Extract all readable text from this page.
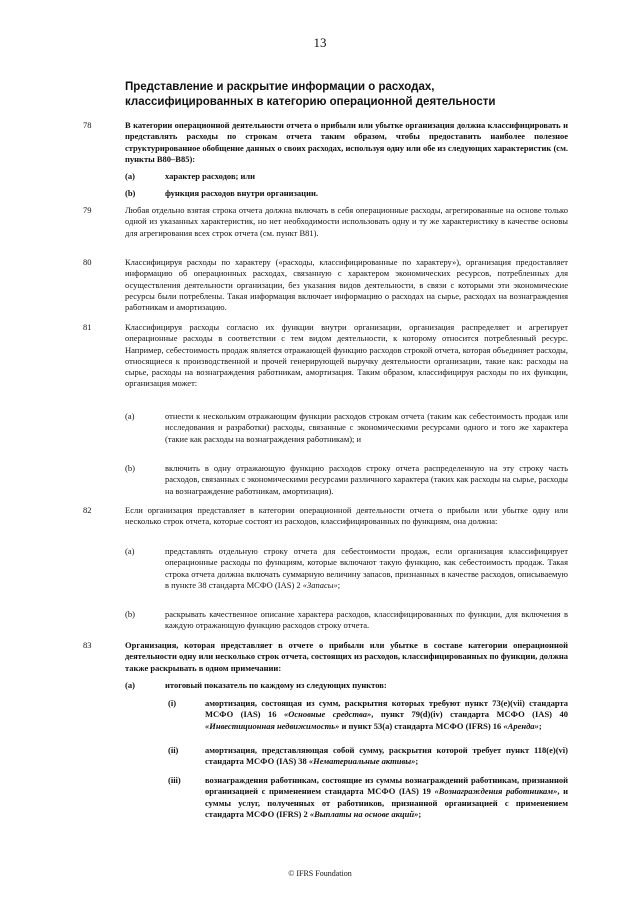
13
Представление и раскрытие информации о расходах, классифицированных в категорию операционной деятельности
78	В категории операционной деятельности отчета о прибыли или убытке организация должна классифицировать и представлять расходы по строкам отчета таким образом, чтобы предоставить наиболее полезное структурированное обобщение данных о своих расходах, используя одну или обе из следующих характеристик (см. пункты В80–В85):
(a)	характер расходов; или
(b)	функция расходов внутри организации.
79	Любая отдельно взятая строка отчета должна включать в себя операционные расходы, агрегированные на основе только одной из указанных характеристик, но нет необходимости использовать одну и ту же характеристику в качестве основы для агрегирования всех строк отчета (см. пункт В81).
80	Классифицируя расходы по характеру («расходы, классифицированные по характеру»), организация предоставляет информацию об операционных расходах, связанную с характером экономических ресурсов, потребленных для осуществления деятельности организации, без указания видов деятельности, в связи с которыми эти экономические ресурсы были потреблены. Такая информация включает информацию о расходах на сырье, расходах на вознаграждения работникам и амортизацию.
81	Классифицируя расходы согласно их функции внутри организации, организация распределяет и агрегирует операционные расходы в соответствии с тем видом деятельности, к которому относится потребленный ресурс. Например, себестоимость продаж является отражающей функцию расходов строкой отчета, которая объединяет расходы, относящиеся к производственной и прочей генерирующей выручку деятельности организации, такие как: расходы на сырье, расходы на вознаграждения работникам, амортизация. Таким образом, классифицируя расходы по их функции, организация может:
(a)	отнести к нескольким отражающим функции расходов строкам отчета (таким как себестоимость продаж или исследования и разработки) расходы, связанные с экономическими ресурсами одного и того же характера (такие как расходы на вознаграждения работникам); и
(b)	включить в одну отражающую функцию расходов строку отчета распределенную на эту строку часть расходов, связанных с экономическими ресурсами различного характера (таких как расходы на сырье, расходы на вознаграждение работникам, амортизация).
82	Если организация представляет в категории операционной деятельности отчета о прибыли или убытке одну или несколько строк отчета, которые состоят из расходов, классифицированных по функциям, она должна:
(a)	представлять отдельную строку отчета для себестоимости продаж, если организация классифицирует операционные расходы по функциям, которые включают такую функцию, как себестоимость продаж. Такая строка отчета должна включать суммарную величину запасов, признанных в качестве расходов, описываемую в пункте 38 стандарта МСФО (IAS) 2 «Запасы»;
(b)	раскрывать качественное описание характера расходов, классифицированных по функции, для включения в каждую отражающую функцию расходов строку отчета.
83	Организация, которая представляет в отчете о прибыли или убытке в составе категории операционной деятельности одну или несколько строк отчета, состоящих из расходов, классифицированных по функции, должна также раскрывать в одном примечании:
(a)	итоговый показатель по каждому из следующих пунктов:
(i)	амортизация, состоящая из сумм, раскрытия которых требуют пункт 73(e)(vii) стандарта МСФО (IAS) 16 «Основные средства», пункт 79(d)(iv) стандарта МСФО (IAS) 40 «Инвестиционная недвижимость» и пункт 53(a) стандарта МСФО (IFRS) 16 «Аренда»;
(ii)	амортизация, представляющая собой сумму, раскрытия которой требует пункт 118(e)(vi) стандарта МСФО (IAS) 38 «Нематериальные активы»;
(iii)	вознаграждения работникам, состоящие из суммы вознаграждений работникам, признанной организацией с применением стандарта МСФО (IAS) 19 «Вознаграждения работникам», и суммы услуг, полученных от работников, признанной организацией с применением стандарта МСФО (IFRS) 2 «Выплаты на основе акций»;
© IFRS Foundation
